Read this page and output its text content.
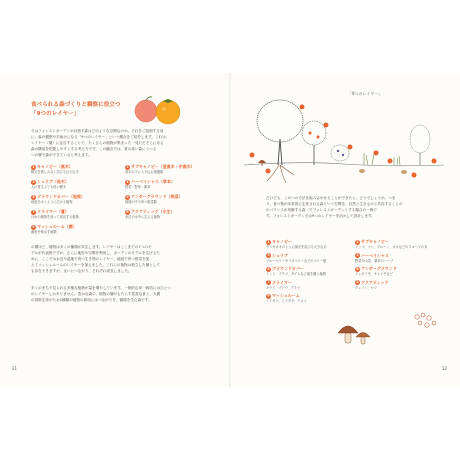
食べられる森づくりと観察に役立つ
「9つのレイヤー」

ではフォレストガーデンが目指す森はどのような空間なのか。それをご説明する前

に、森の観察や手助けになる「9つのレイヤー」という観点をご紹介します。これは、

レイヤー（層）に注目することで、たくさんの植物が集まった一見ただそこにある

森の構成を把握しやすくする考え方です。この観点では、質の高い森にうつる

つの層で森ができていると考えます。

1 キャノピー（高木）
陽光を惜しみなく浴びる巨大な木
2 サブキャノピー（亜高木・中高木）
高木の下に入り込む果樹類
3 シュラブ（低木）
人の背丈よりも低い樹木
4 ハーベイシャス（草本）
野菜・野草・雑草
5 グラウンドカバー（地被）
地表をはうように広がる植物
6 アンダーグラウンド（根菜）
地面の中で育つ根菜類
7 クライマー（蔓）
ほかの植物を登って成長する植物
8 アクアティック（水生）
水辺や水中に生える植物
9 マッシュルーム（菌）
菌糸を伸ばす菌類

の層ほど、植物は多くの種類が共生します。レイヤーはここまでの7つのモ

デルが代表的ですが、さらに地形や空間を利用し、ガーデンのモデルを広げるた

めに、ここでは水辺や湿地で育つ生き物のレイヤー、地面で育つ根菜を加

えてマッシュルームのレイヤーを加えました。これらの植物は独立した層として

も存在できますが、互いにつながり、それぞれ成長しました。

多くのまちで見られる多様な植物が量を増やしています。一般的な単一栽培にはひとつ

のレイヤーしかありません。豊かな森の、植物の層がもたらす豊富な食と、人間

の食料生産のため1種類の植物の栽培にはつながりを、循環を生む森です。

21
「9つのレイヤー」

だけども、このつの方法を組み合わせることができたら、どうでしょうか。つま

り、食べ物が本来的に生産される森という空間を、自然と生きものと共存することの

のバランスが均衡する森（でフォレストガーデンとする場合の一例で

す。フォレストガーデンでは9つのレイヤーを活かして設計します。

1 キャノピー
クリやカキのように陽光を浴びる大きな木
2 サブキャノピー
リンゴ、ナシ、プルーン、カキなどのフルーツの木
3 シュラブ
ブルーベリーやラズベリーなどのベリー類
4 ハーベイシャス
野菜や山菜、薬草のハーブ
5 グラウンドカバー
ミント、イチゴ、タイムなど地を覆う植物
6 アンダーグラウンド
ジャガイモ、サトイモなど
7 クライマー
キウイ、ブドウ、アケビ
8 アクアティック
クレソン、セリ
9 マッシュルーム
シイタケ、ヒラタケ、ナメコ
22
